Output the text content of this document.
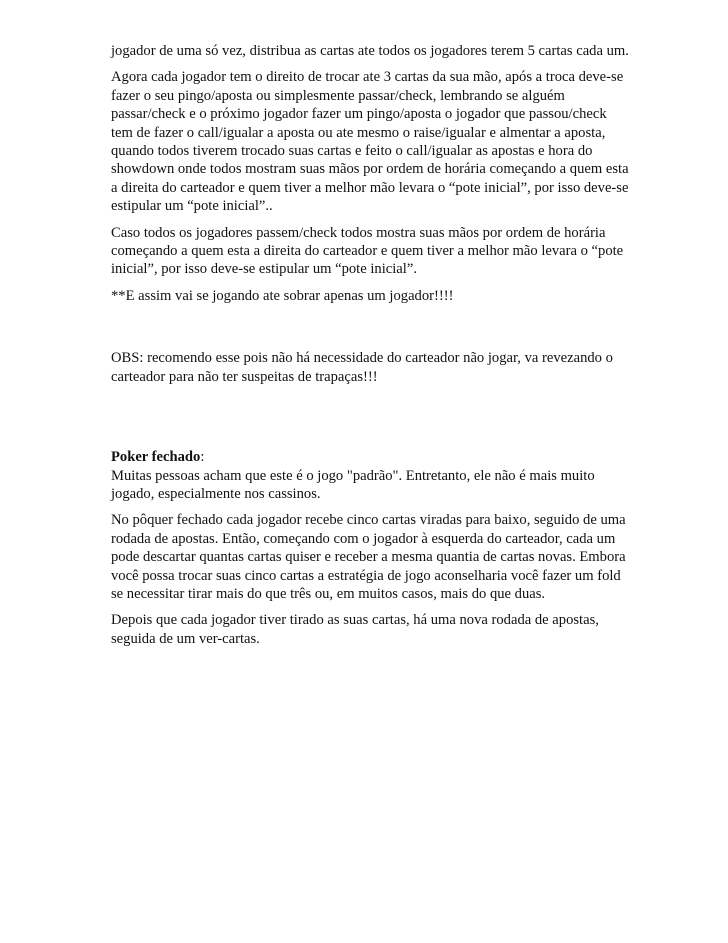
jogador de uma só vez, distribua as cartas ate todos os jogadores terem 5 cartas cada um.

Agora cada jogador tem o direito de trocar ate 3 cartas da sua mão, após a troca deve-se fazer o seu pingo/aposta ou simplesmente passar/check, lembrando se alguém passar/check e o próximo jogador fazer um pingo/aposta o jogador que passou/check tem de fazer o call/igualar a aposta ou ate mesmo o raise/igualar e almentar a aposta, quando todos tiverem trocado suas cartas e feito o call/igualar as apostas e hora do showdown onde todos mostram suas mãos por ordem de horária começando a quem esta a direita do carteador e quem tiver a melhor mão levara o “pote inicial”, por isso deve-se estipular um “pote inicial”..

Caso todos os jogadores passem/check todos mostra suas mãos por ordem de horária começando a quem esta a direita do carteador e quem tiver a melhor mão levara o “pote inicial”, por isso deve-se estipular um “pote inicial”.

**E assim vai se jogando ate sobrar apenas um jogador!!!!

OBS: recomendo esse pois não há necessidade do carteador não jogar, va revezando o carteador para não ter suspeitas de trapaças!!!

Poker fechado:

Muitas pessoas acham que este é o jogo "padrão". Entretanto, ele não é mais muito jogado, especialmente nos cassinos.

No pôquer fechado cada jogador recebe cinco cartas viradas para baixo, seguido de uma rodada de apostas. Então, começando com o jogador à esquerda do carteador, cada um pode descartar quantas cartas quiser e receber a mesma quantia de cartas novas. Embora você possa trocar suas cinco cartas a estratégia de jogo aconselharia você fazer um fold se necessitar tirar mais do que três ou, em muitos casos, mais do que duas.

Depois que cada jogador tiver tirado as suas cartas, há uma nova rodada de apostas, seguida de um ver-cartas.
